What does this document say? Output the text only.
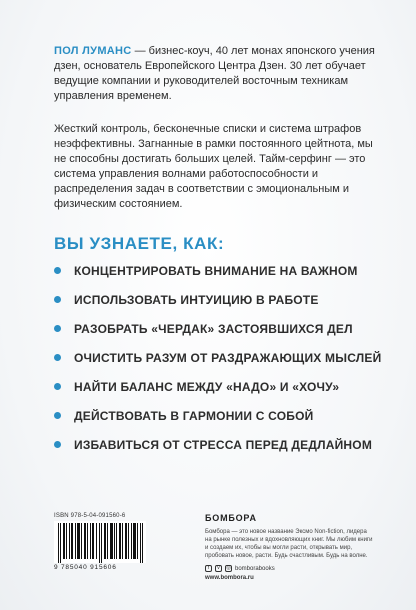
ПОЛ ЛУМАНС — бизнес-коуч, 40 лет монах японского учения дзен, основатель Европейского Центра Дзен. 30 лет обучает ведущие компании и руководителей восточным техникам управления временем.

Жесткий контроль, бесконечные списки и система штрафов неэффективны. Загнанные в рамки постоянного цейтнота, мы не способны достигать больших целей. Тайм-серфинг — это система управления волнами работоспособности и распределения задач в соответствии с эмоциональным и физическим состоянием.

ВЫ УЗНАЕТЕ, КАК:
КОНЦЕНТРИРОВАТЬ ВНИМАНИЕ НА ВАЖНОМ
ИСПОЛЬЗОВАТЬ ИНТУИЦИЮ В РАБОТЕ
РАЗОБРАТЬ «ЧЕРДАК» ЗАСТОЯВШИХСЯ ДЕЛ
ОЧИСТИТЬ РАЗУМ ОТ РАЗДРАЖАЮЩИХ МЫСЛЕЙ
НАЙТИ БАЛАНС МЕЖДУ «НАДО» И «ХОЧУ»
ДЕЙСТВОВАТЬ В ГАРМОНИИ С СОБОЙ
ИЗБАВИТЬСЯ ОТ СТРЕССА ПЕРЕД ДЕДЛАЙНОМ
ISBN 978-5-04-091560-6
9 785040 915606
БОМБОРА

Бомбора — это новое название Эксмо Non-fiction, лидера на рынке полезных и вдохновляющих книг. Мы любим книги и создаем их, чтобы вы могли расти, открывать мир, пробовать новое, расти. Будь счастливым. Будь на волне.

f	v	◎ bomborabooks
www.bombora.ru
